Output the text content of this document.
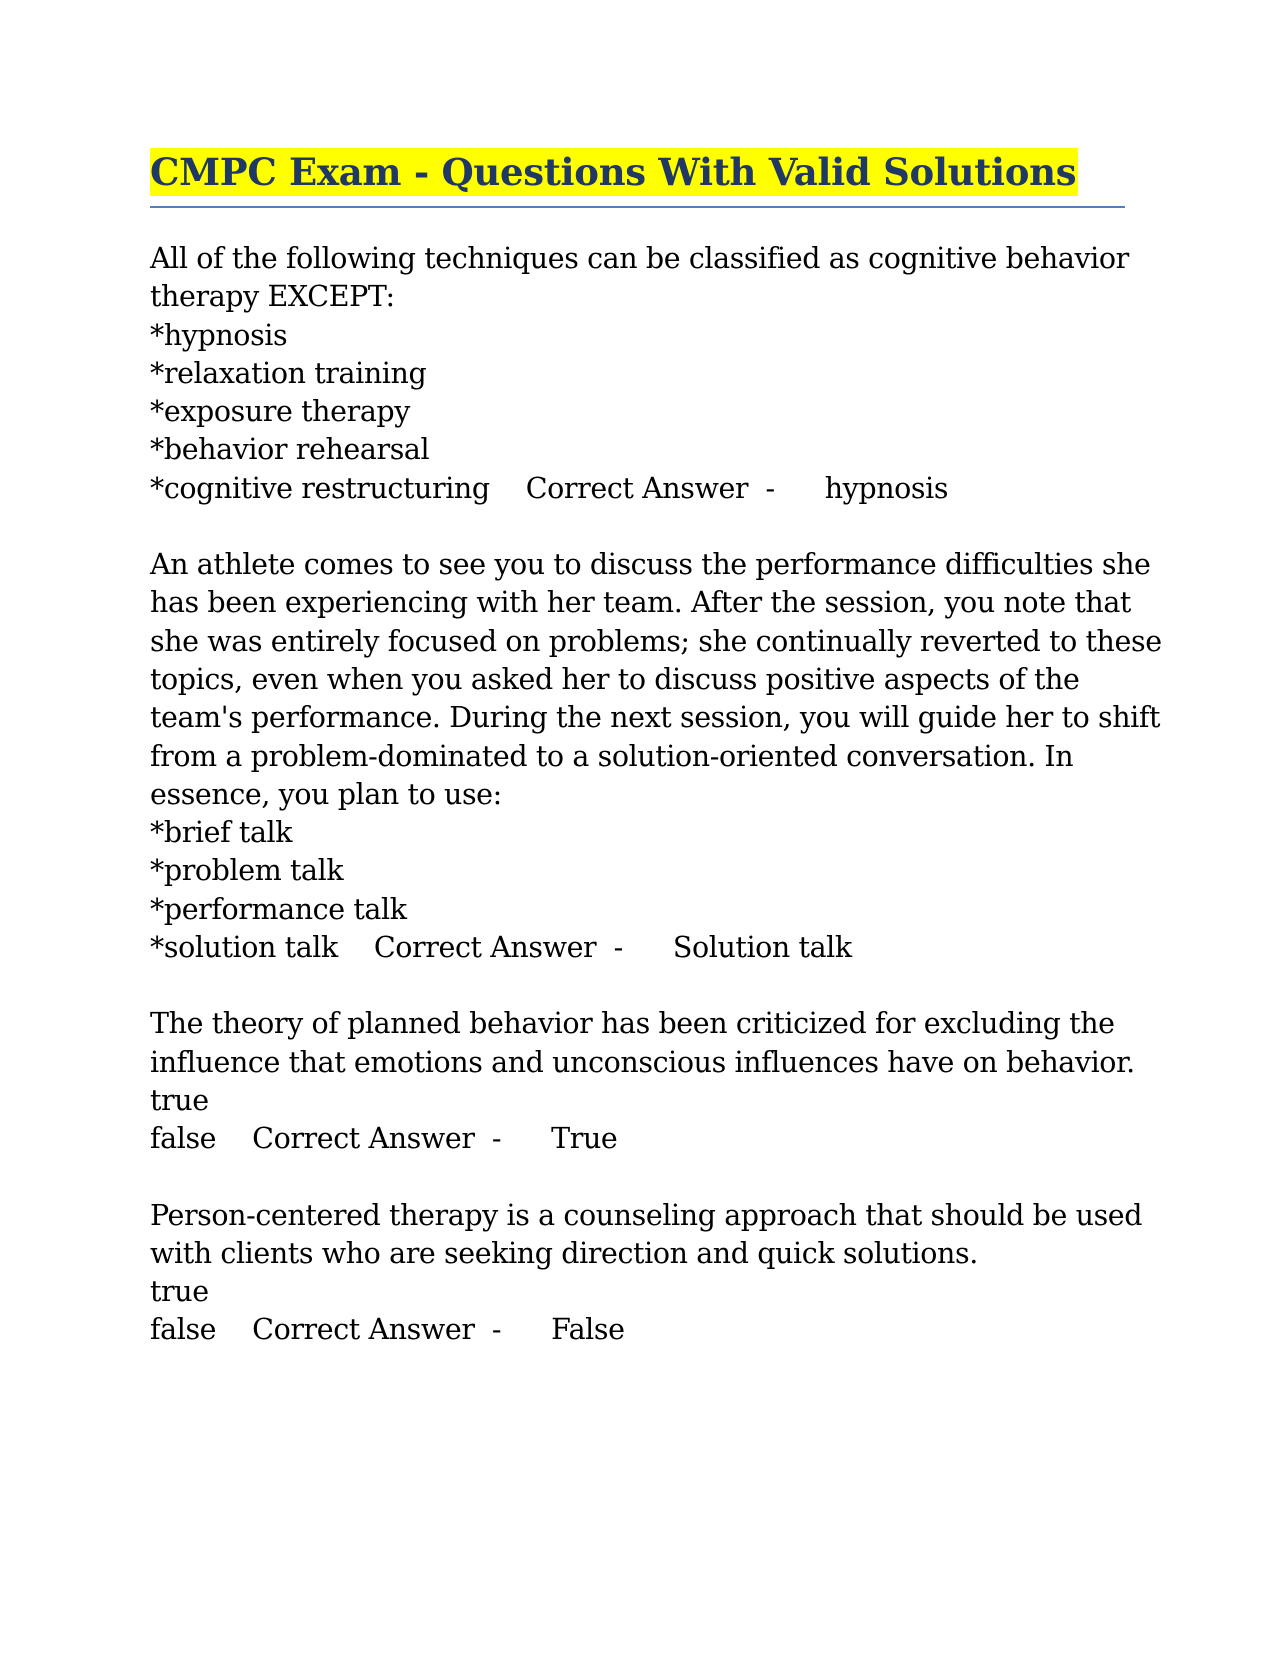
CMPC Exam - Questions With Valid Solutions
All of the following techniques can be classified as cognitive behavior
therapy EXCEPT:
*hypnosis
*relaxation training
*exposure therapy
*behavior rehearsal
*cognitive restructuring Correct Answer - hypnosis
An athlete comes to see you to discuss the performance difficulties she
has been experiencing with her team. After the session, you note that
she was entirely focused on problems; she continually reverted to these
topics, even when you asked her to discuss positive aspects of the
team's performance. During the next session, you will guide her to shift
from a problem-dominated to a solution-oriented conversation. In
essence, you plan to use:
*brief talk
*problem talk
*performance talk
*solution talk Correct Answer - Solution talk
The theory of planned behavior has been criticized for excluding the
influence that emotions and unconscious influences have on behavior.
true
false Correct Answer - True
Person-centered therapy is a counseling approach that should be used
with clients who are seeking direction and quick solutions.
true
false Correct Answer - False
